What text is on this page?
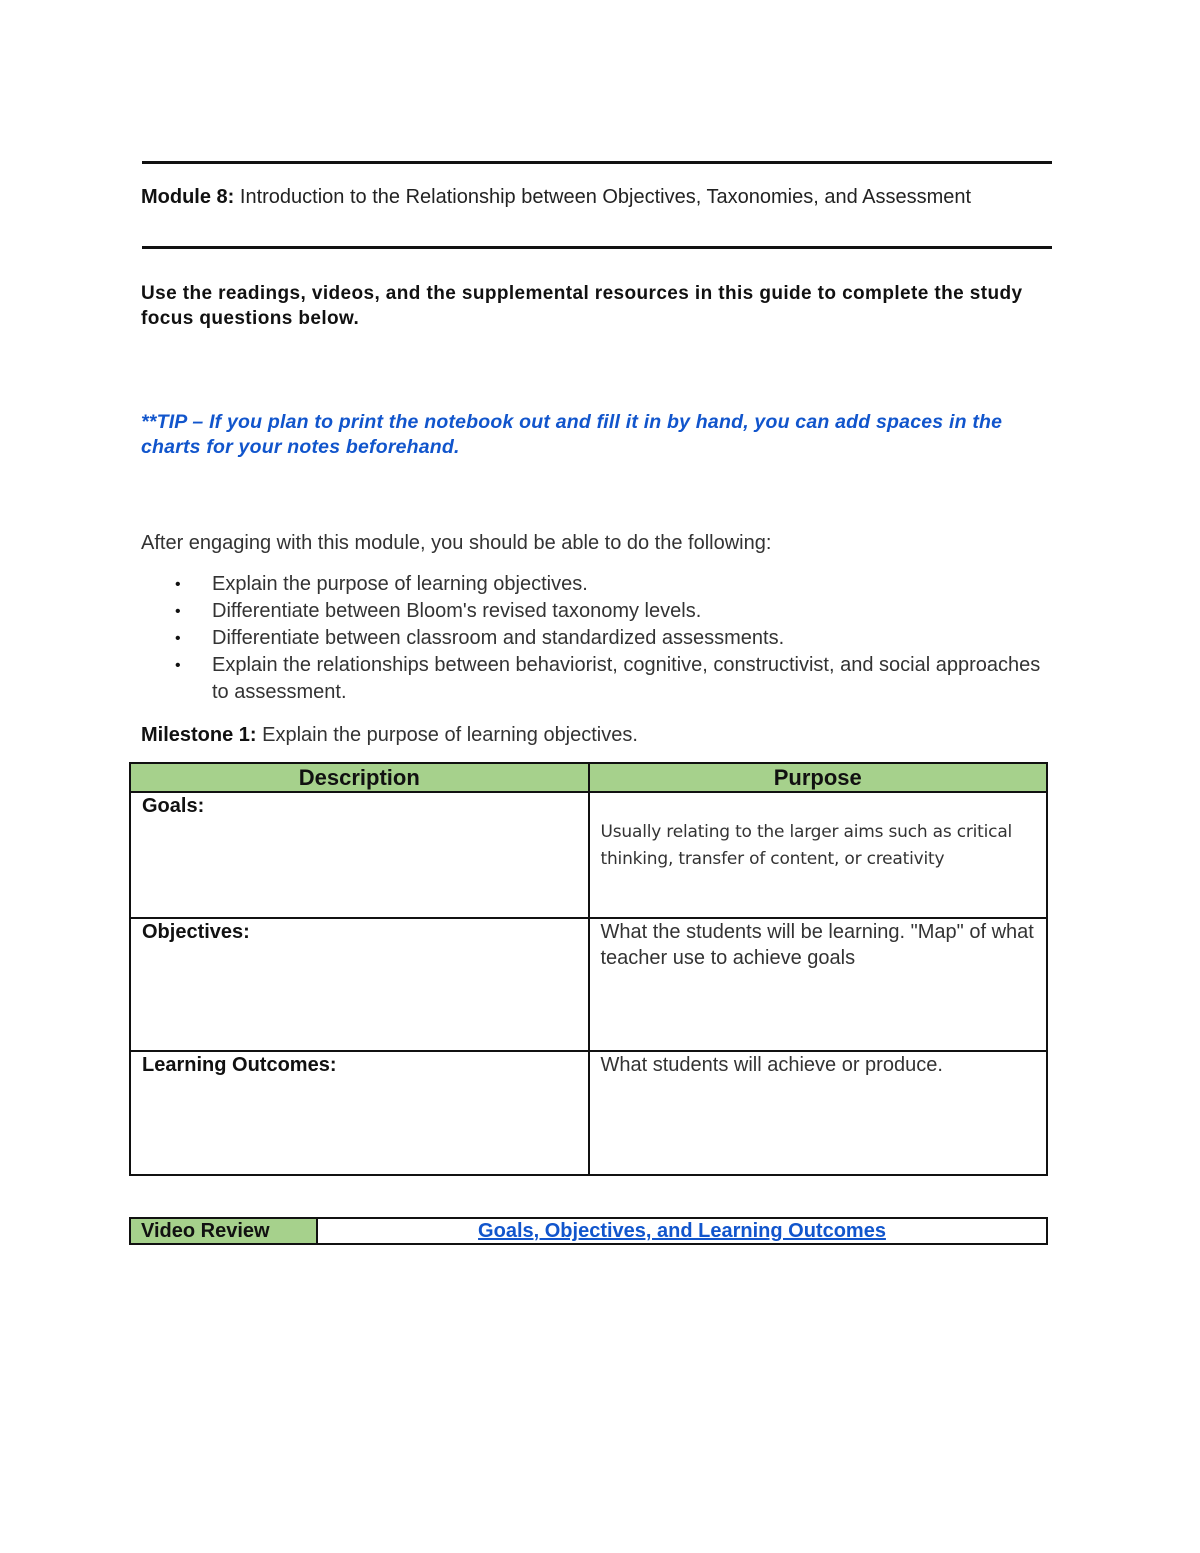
Module 8: Introduction to the Relationship between Objectives, Taxonomies, and Assessment
Use the readings, videos, and the supplemental resources in this guide to complete the study focus questions below.
**TIP – If you plan to print the notebook out and fill it in by hand, you can add spaces in the charts for your notes beforehand.
After engaging with this module, you should be able to do the following:
• Explain the purpose of learning objectives.
• Differentiate between Bloom's revised taxonomy levels.
• Differentiate between classroom and standardized assessments.
• Explain the relationships between behaviorist, cognitive, constructivist, and social approaches to assessment.
Milestone 1: Explain the purpose of learning objectives.
Description	Purpose
Goals:	Usually relating to the larger aims such as critical thinking, transfer of content, or creativity

Objectives:	What the students will be learning. "Map" of what teacher use to achieve goals
Learning Outcomes:	What students will achieve or produce.
Video Review	Goals, Objectives, and Learning Outcomes
